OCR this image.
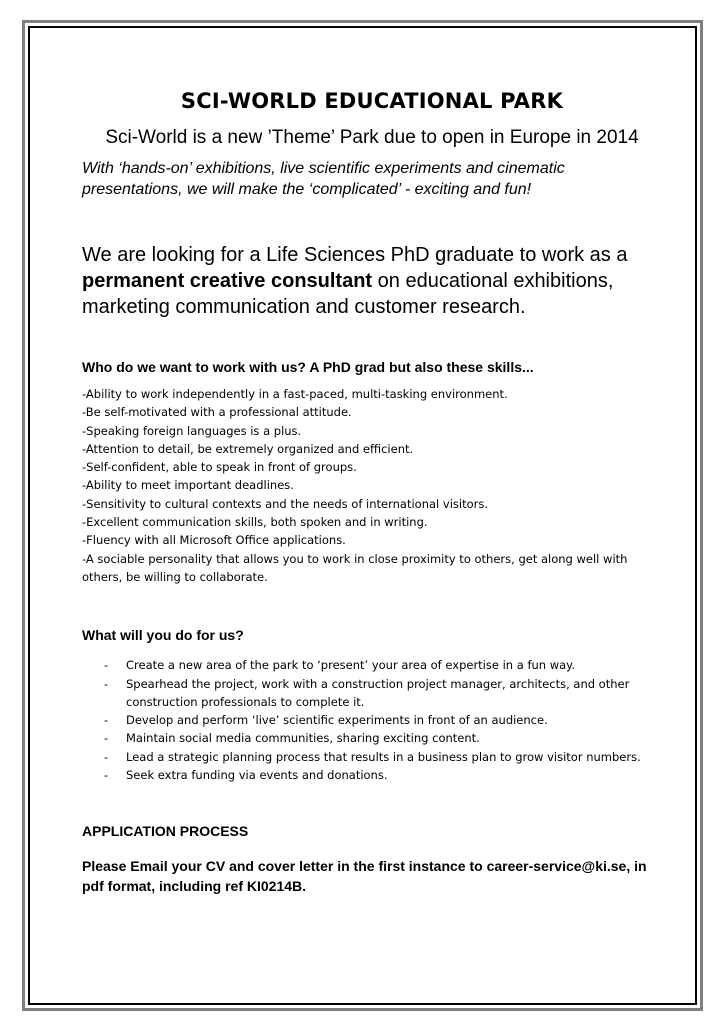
SCI-WORLD EDUCATIONAL PARK

Sci-World is a new ’Theme’ Park due to open in Europe in 2014

With ‘hands-on’ exhibitions, live scientific experiments and cinematic presentations, we will make the ‘complicated’ - exciting and fun!

We are looking for a Life Sciences PhD graduate to work as a permanent creative consultant on educational exhibitions, marketing communication and customer research.

Who do we want to work with us? A PhD grad but also these skills...
-Ability to work independently in a fast-paced, multi-tasking environment.
-Be self-motivated with a professional attitude.
-Speaking foreign languages is a plus.
-Attention to detail, be extremely organized and efficient.
-Self-confident, able to speak in front of groups.
-Ability to meet important deadlines.
-Sensitivity to cultural contexts and the needs of international visitors.
-Excellent communication skills, both spoken and in writing.
-Fluency with all Microsoft Office applications.
-A sociable personality that allows you to work in close proximity to others, get along well with others, be willing to collaborate.
What will you do for us?
- Create a new area of the park to ‘present’ your area of expertise in a fun way.
- Spearhead the project, work with a construction project manager, architects, and other construction professionals to complete it.
- Develop and perform ‘live’ scientific experiments in front of an audience.
- Maintain social media communities, sharing exciting content.
- Lead a strategic planning process that results in a business plan to grow visitor numbers.
- Seek extra funding via events and donations.
APPLICATION PROCESS

Please Email your CV and cover letter in the first instance to career-service@ki.se, in pdf format, including ref KI0214B.
